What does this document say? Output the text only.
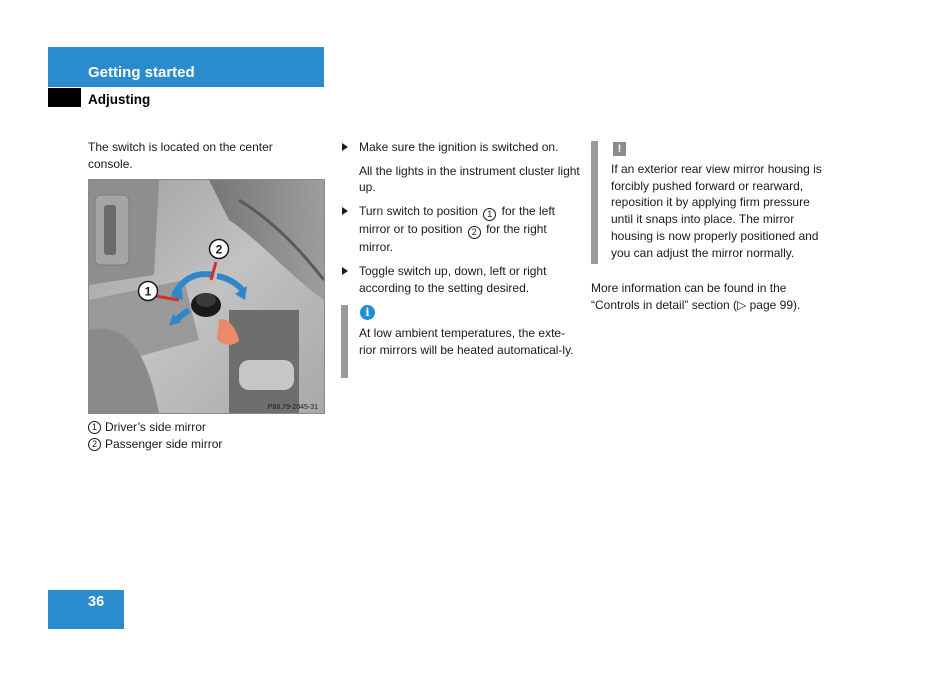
Getting started
Adjusting
The switch is located on the center console.
2
1
P88.79-2045-31
1 Driver’s side mirror
2 Passenger side mirror
Make sure the ignition is switched on.
All the lights in the instrument cluster light up.
Turn switch to position 1 for the left mirror or to position 2 for the right mirror.
Toggle switch up, down, left or right according to the setting desired.
i
At low ambient temperatures, the exte-rior mirrors will be heated automatical-ly.
!
If an exterior rear view mirror housing is forcibly pushed forward or rearward, reposition it by applying firm pressure until it snaps into place. The mirror housing is now properly positioned and you can adjust the mirror normally.
More information can be found in the “Controls in detail” section (▷ page 99).
36
